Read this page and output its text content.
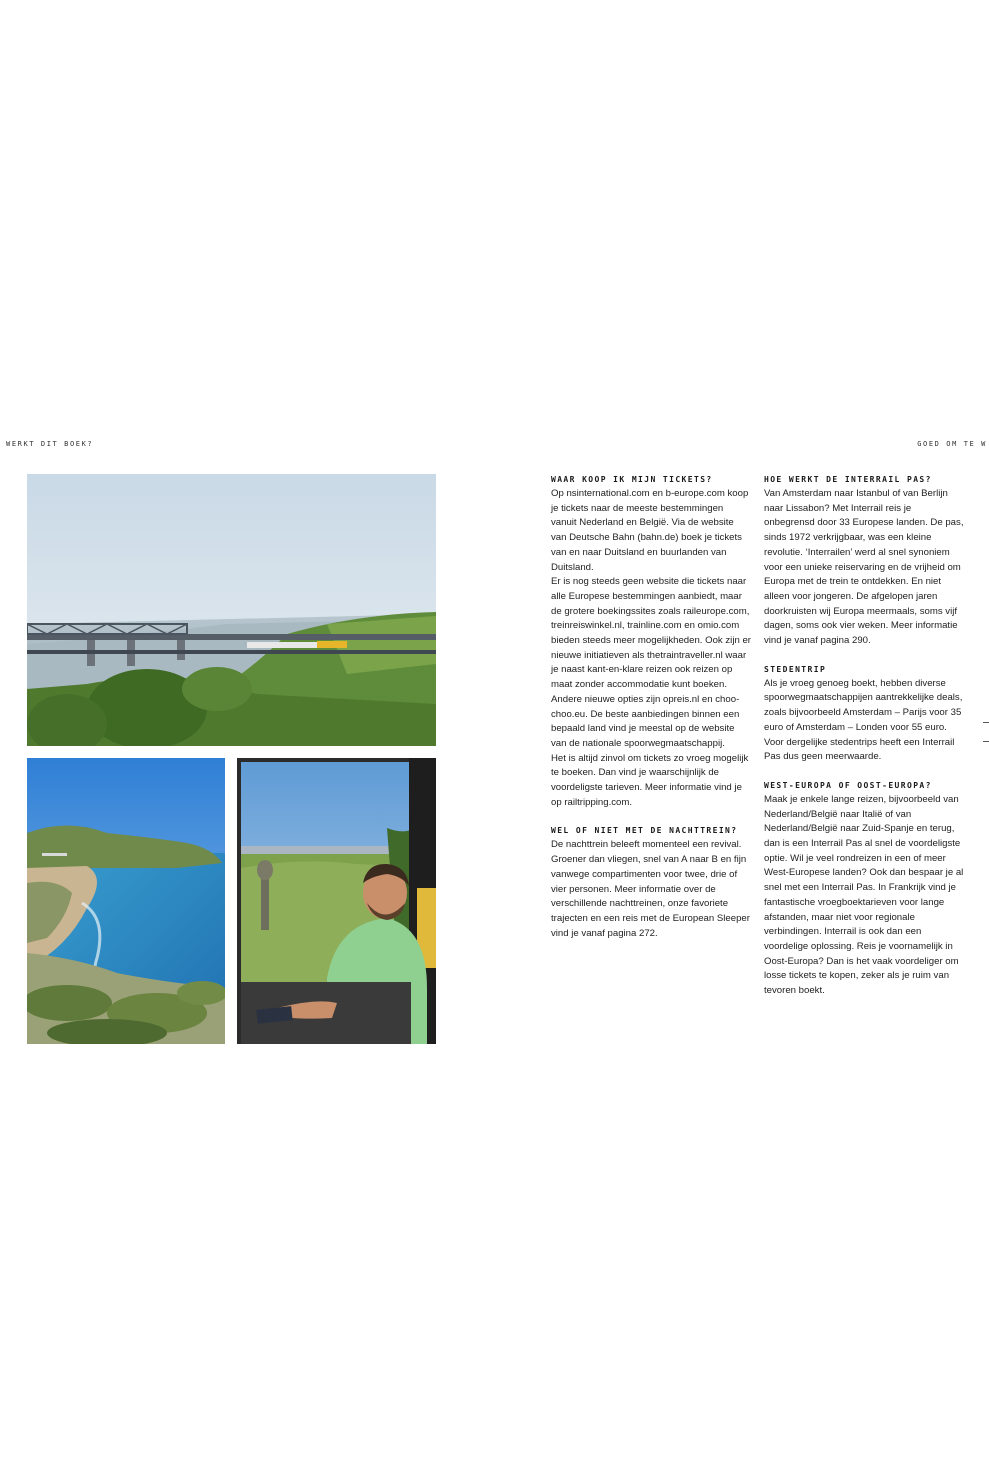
WERKT DIT BOEK?	GOED OM TE W
WAAR KOOP IK MIJN TICKETS?

Op nsinternational.com en b-europe.com koop je tickets naar de meeste bestemmingen vanuit Nederland en België. Via de website van Deutsche Bahn (bahn.de) boek je tickets van en naar Duitsland en buurlanden van Duitsland.

Er is nog steeds geen website die tickets naar alle Europese bestemmingen aanbiedt, maar de grotere boekingssites zoals raileurope.com, treinreiswinkel.nl, trainline.com en omio.com bieden steeds meer mogelijkheden. Ook zijn er nieuwe initiatieven als thetraintraveller.nl waar je naast kant-en-klare reizen ook reizen op maat zonder accommodatie kunt boeken. Andere nieuwe opties zijn opreis.nl en choo-choo.eu. De beste aanbiedingen binnen een bepaald land vind je meestal op de website van de nationale spoorwegmaatschappij.

Het is altijd zinvol om tickets zo vroeg mogelijk te boeken. Dan vind je waarschijnlijk de voordeligste tarieven. Meer informatie vind je op railtripping.com.

WEL OF NIET MET DE NACHTTREIN?

De nachttrein beleeft momenteel een revival. Groener dan vliegen, snel van A naar B en fijn vanwege compartimenten voor twee, drie of vier personen. Meer informatie over de verschillende nachttreinen, onze favoriete trajecten en een reis met de European Sleeper vind je vanaf pagina 272.

HOE WERKT DE INTERRAIL PAS?

Van Amsterdam naar Istanbul of van Berlijn naar Lissabon? Met Interrail reis je onbegrensd door 33 Europese landen. De pas, sinds 1972 verkrijgbaar, was een kleine revolutie. ‘Interrailen’ werd al snel synoniem voor een unieke reiservaring en de vrijheid om Europa met de trein te ontdekken. En niet alleen voor jongeren. De afgelopen jaren doorkruisten wij Europa meermaals, soms vijf dagen, soms ook vier weken. Meer informatie vind je vanaf pagina 290.

STEDENTRIP

Als je vroeg genoeg boekt, hebben diverse spoorwegmaatschappijen aantrekkelijke deals, zoals bijvoorbeeld Amsterdam – Parijs voor 35 euro of Amsterdam – Londen voor 55 euro. Voor dergelijke stedentrips heeft een Interrail Pas dus geen meerwaarde.

WEST-EUROPA OF OOST-EUROPA?

Maak je enkele lange reizen, bijvoorbeeld van Nederland/België naar Italië of van Nederland/België naar Zuid-Spanje en terug, dan is een Interrail Pas al snel de voordeligste optie. Wil je veel rondreizen in een of meer West-Europese landen? Ook dan bespaar je al snel met een Interrail Pas. In Frankrijk vind je fantastische vroegboektarieven voor lange afstanden, maar niet voor regionale verbindingen. Interrail is ook dan een voordelige oplossing. Reis je voornamelijk in Oost-Europa? Dan is het vaak voordeliger om losse tickets te kopen, zeker als je ruim van tevoren boekt.
